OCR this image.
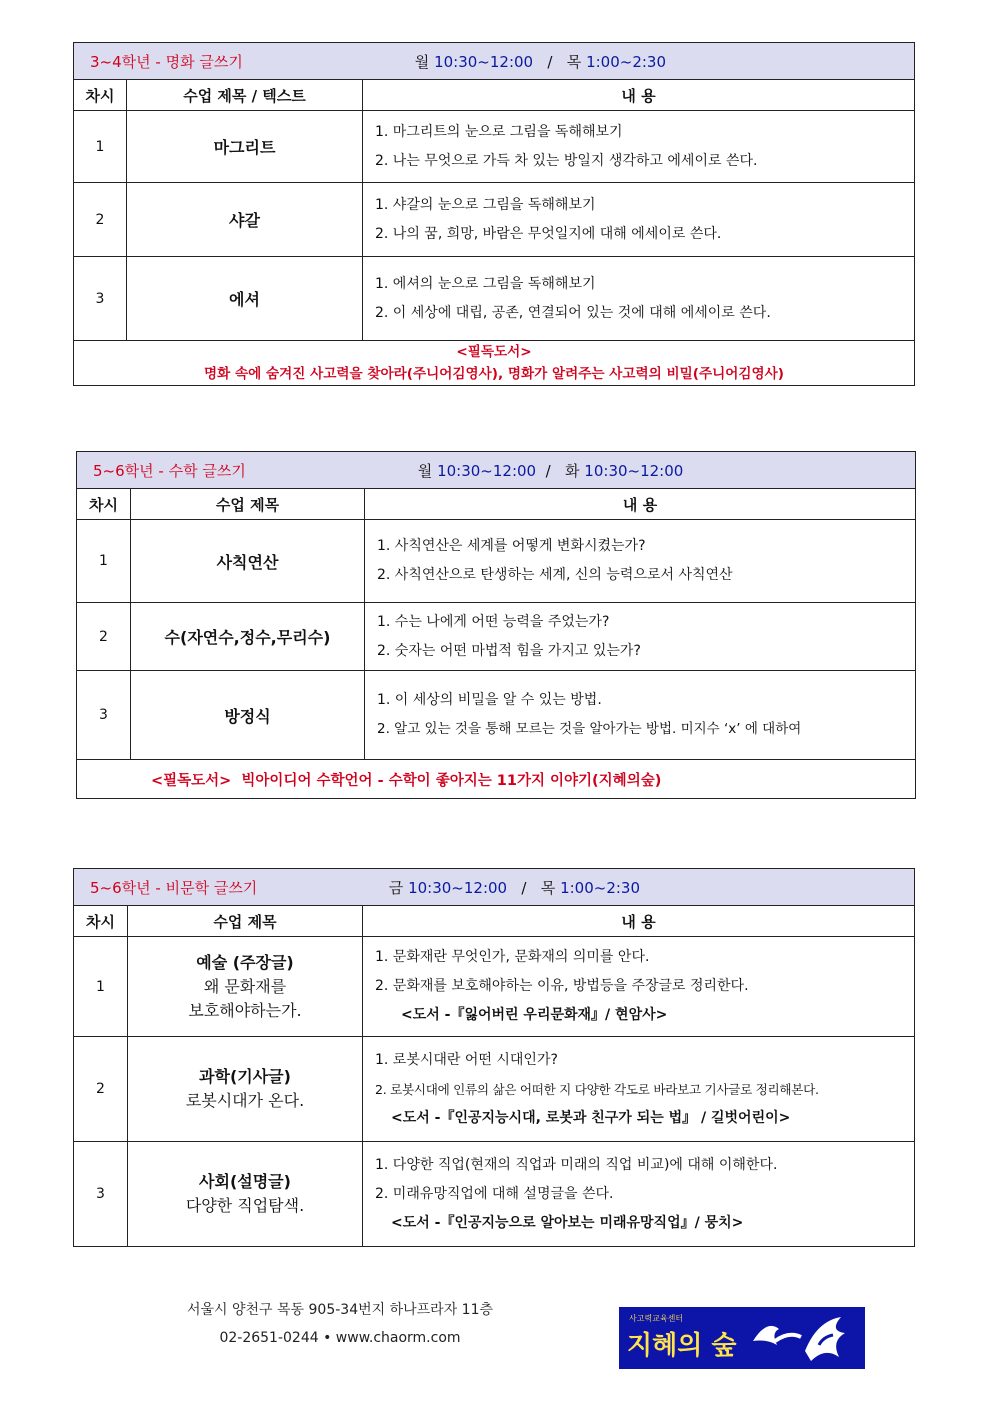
3~4학년 - 명화 글쓰기 월 10:30~12:00 / 목 1:00~2:30		
차시	수업 제목 / 텍스트	내 용
1	마그리트	1. 마그리트의 눈으로 그림을 독해해보기
2. 나는 무엇으로 가득 차 있는 방일지 생각하고 에세이로 쓴다.

2	샤갈	1. 샤갈의 눈으로 그림을 독해해보기
2. 나의 꿈, 희망, 바람은 무엇일지에 대해 에세이로 쓴다.

3	에셔	1. 에셔의 눈으로 그림을 독해해보기
2. 이 세상에 대립, 공존, 연결되어 있는 것에 대해 에세이로 쓴다.

<필독도서>
명화 속에 숨겨진 사고력을 찾아라(주니어김영사), 명화가 알려주는 사고력의 비밀(주니어김영사)		
5~6학년 - 수학 글쓰기 월 10:30~12:00 / 화 10:30~12:00		
차시	수업 제목	내 용
1	사칙연산	1. 사칙연산은 세계를 어떻게 변화시켰는가?
2. 사칙연산으로 탄생하는 세계, 신의 능력으로서 사칙연산

2	수(자연수,정수,무리수)	1. 수는 나에게 어떤 능력을 주었는가?
2. 숫자는 어떤 마법적 힘을 가지고 있는가?

3	방정식	1. 이 세상의 비밀을 알 수 있는 방법.
2. 알고 있는 것을 통해 모르는 것을 알아가는 방법. 미지수 ‘x’ 에 대하여

<필독도서>  빅아이디어 수학언어 - 수학이 좋아지는 11가지 이야기(지혜의숲)		
5~6학년 - 비문학 글쓰기 금 10:30~12:00 / 목 1:00~2:30		
차시	수업 제목	내 용
1	예술 (주장글)
왜 문화재를
보호해야하는가.	1. 문화재란 무엇인가, 문화재의 의미를 안다.
2. 문화재를 보호해야하는 이유, 방법등을 주장글로 정리한다.
<도서 -『잃어버린 우리문화재』/ 현암사>

2	과학(기사글)
로봇시대가 온다.	1. 로봇시대란 어떤 시대인가?
2. 로봇시대에 인류의 삶은 어떠한 지 다양한 각도로 바라보고 기사글로 정리해본다.
<도서 -『인공지능시대, 로봇과 친구가 되는 법』 / 길벗어린이>

3	사회(설명글)
다양한 직업탐색.	1. 다양한 직업(현재의 직업과 미래의 직업 비교)에 대해 이해한다.
2. 미래유망직업에 대해 설명글을 쓴다.
<도서 -『인공지능으로 알아보는 미래유망직업』/ 뭉치>
서울시 양천구 목동 905-34번지 하나프라자 11층
02-2651-0244 • www.chaorm.com
사고력교육센터
지혜의 숲
